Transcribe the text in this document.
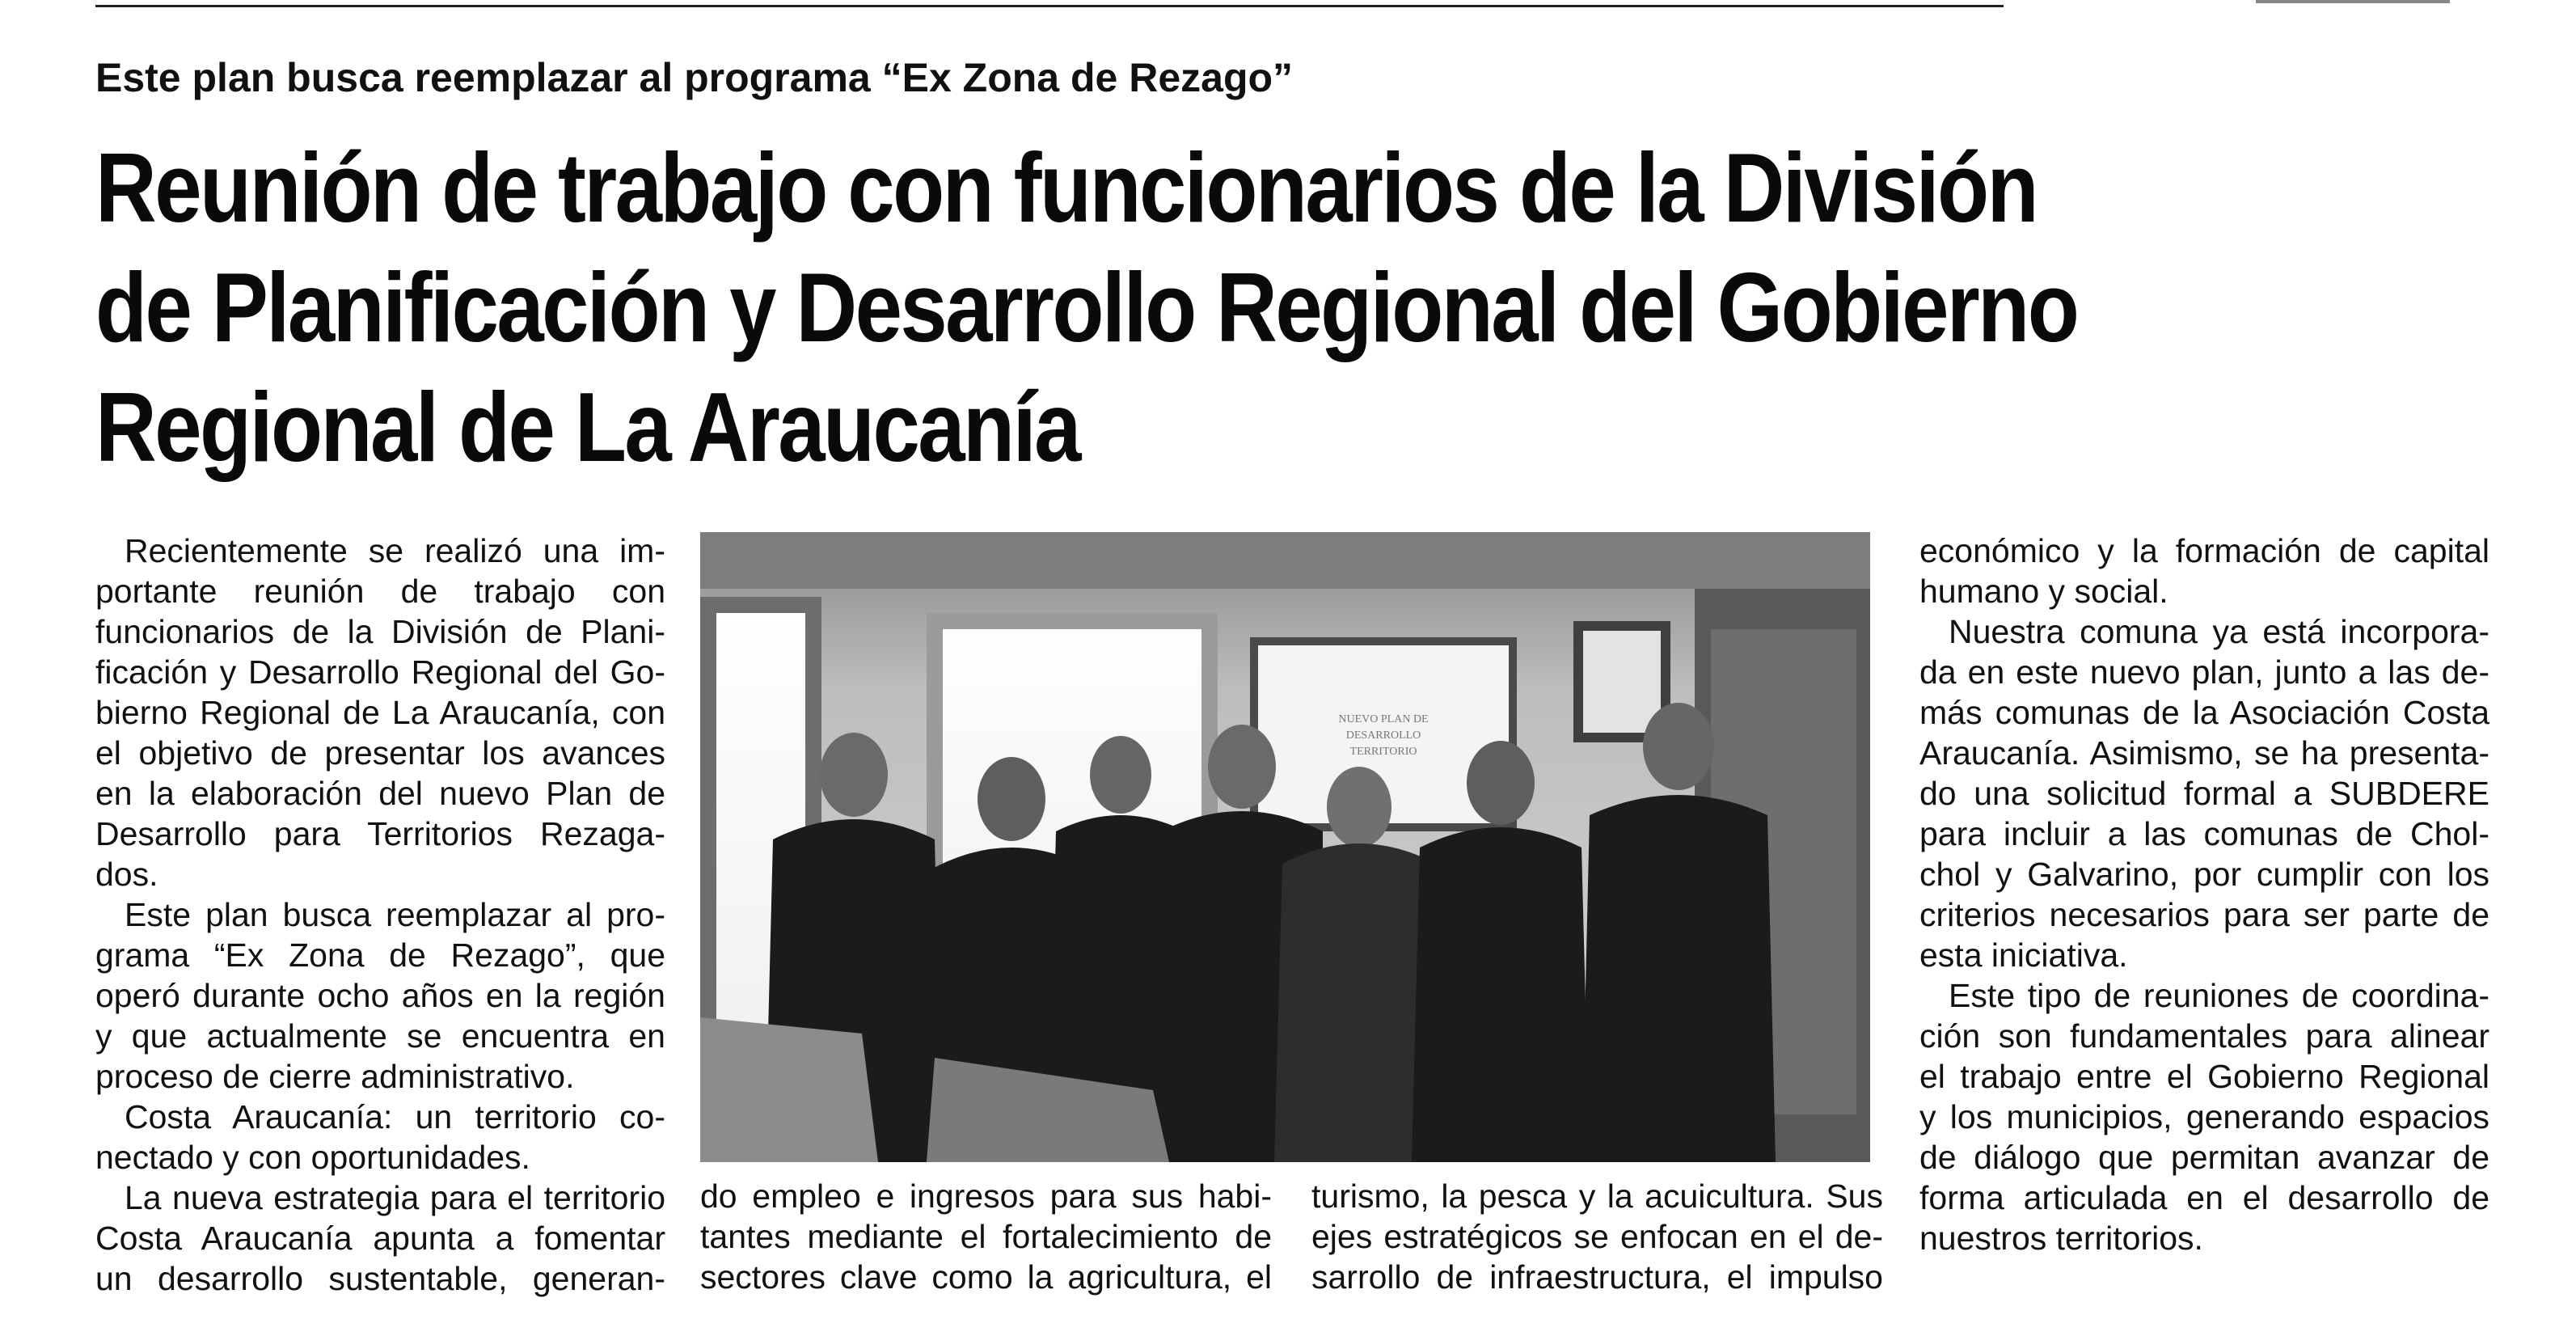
Este plan busca reemplazar al programa “Ex Zona de Rezago”
Reunión de trabajo con funcionarios de la División
de Planificación y Desarrollo Regional del Gobierno
Regional de La Araucanía
Recientemente se realizó una im-
portante reunión de trabajo con
funcionarios de la División de Plani-
ficación y Desarrollo Regional del Go-
bierno Regional de La Araucanía, con
el objetivo de presentar los avances
en la elaboración del nuevo Plan de
Desarrollo para Territorios Rezaga-
dos.
Este plan busca reemplazar al pro-
grama “Ex Zona de Rezago”, que
operó durante ocho años en la región
y que actualmente se encuentra en
proceso de cierre administrativo.
Costa Araucanía: un territorio co-
nectado y con oportunidades.
La nueva estrategia para el territorio
Costa Araucanía apunta a fomentar
un desarrollo sustentable, generan-
NUEVO PLAN DE
DESARROLLO
TERRITORIO
do empleo e ingresos para sus habi-
tantes mediante el fortalecimiento de
sectores clave como la agricultura, el
turismo, la pesca y la acuicultura. Sus
ejes estratégicos se enfocan en el de-
sarrollo de infraestructura, el impulso
económico y la formación de capital
humano y social.
Nuestra comuna ya está incorpora-
da en este nuevo plan, junto a las de-
más comunas de la Asociación Costa
Araucanía. Asimismo, se ha presenta-
do una solicitud formal a SUBDERE
para incluir a las comunas de Chol-
chol y Galvarino, por cumplir con los
criterios necesarios para ser parte de
esta iniciativa.
Este tipo de reuniones de coordina-
ción son fundamentales para alinear
el trabajo entre el Gobierno Regional
y los municipios, generando espacios
de diálogo que permitan avanzar de
forma articulada en el desarrollo de
nuestros territorios.
